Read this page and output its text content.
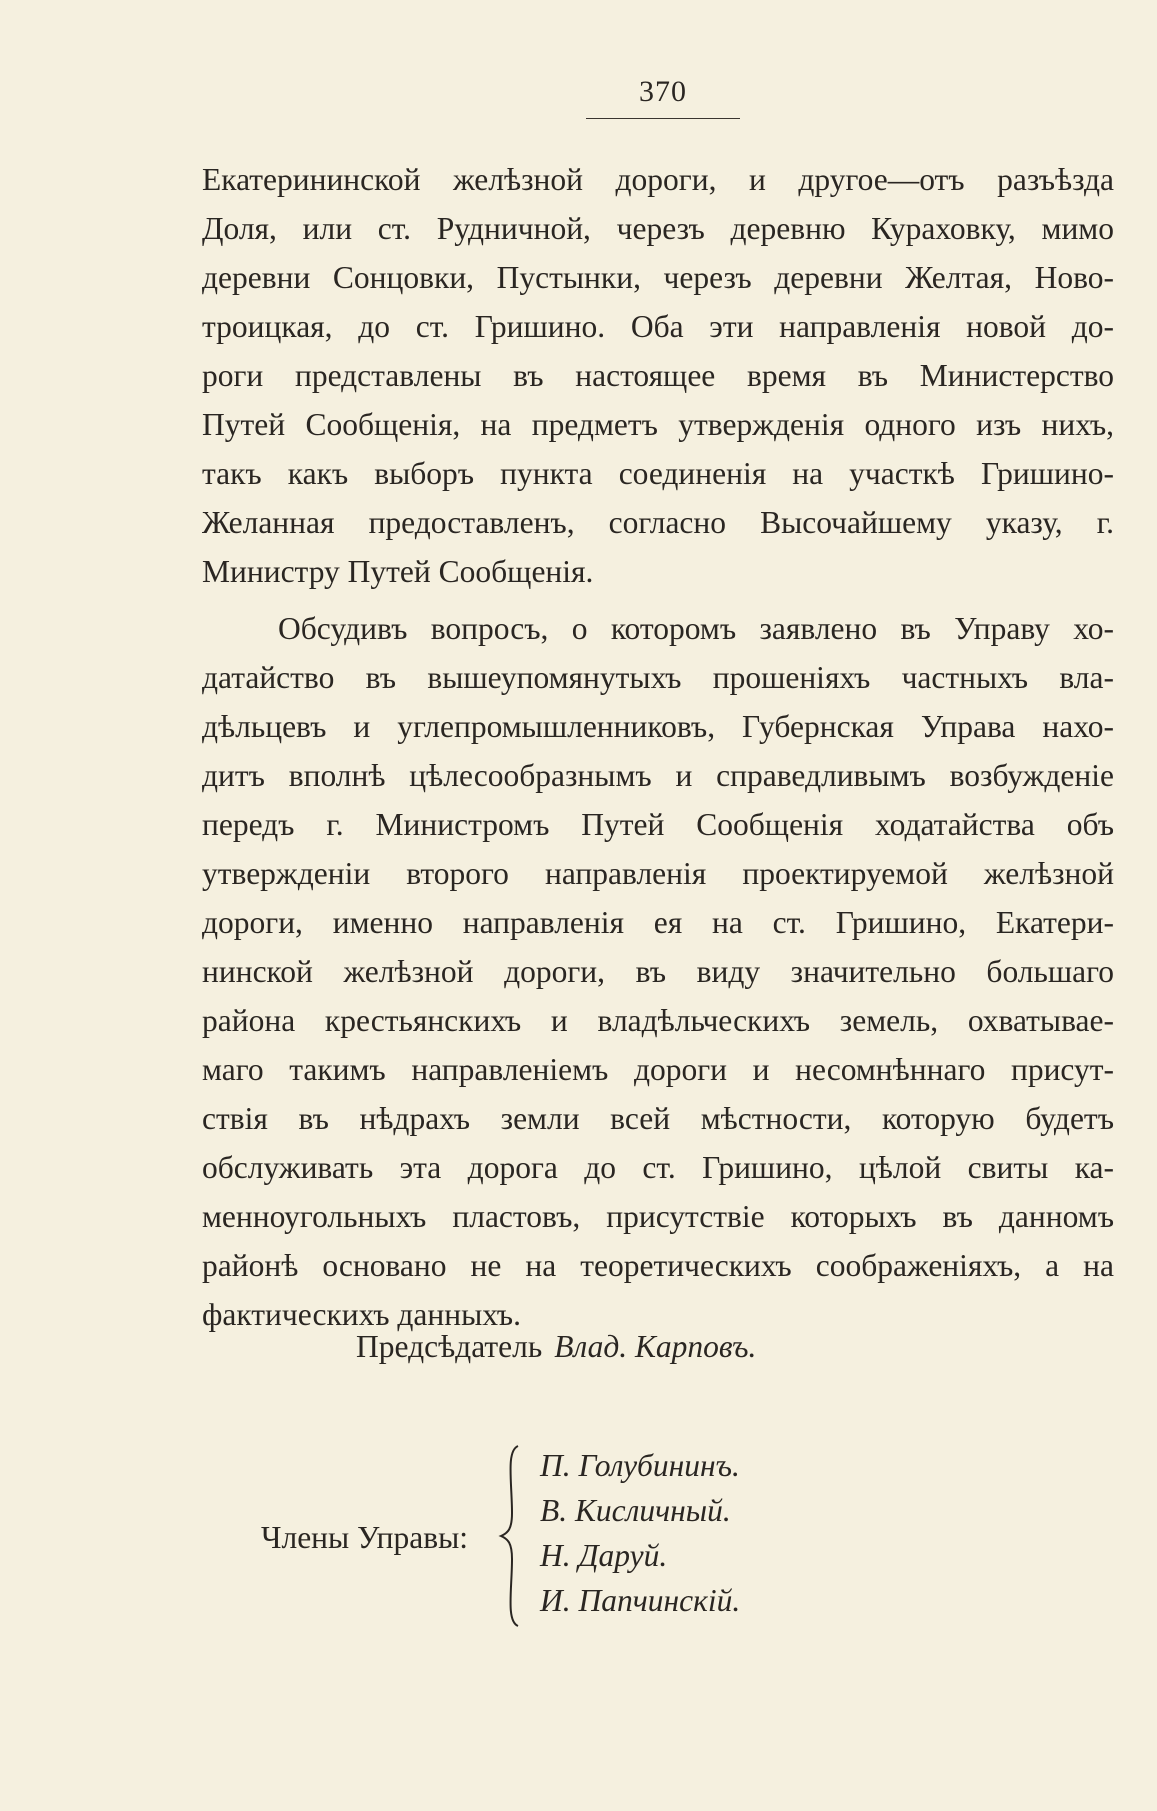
370
Екатерининской желѣзной дороги, и другое—отъ разъѣзда
Доля, или ст. Рудничной, черезъ деревню Кураховку, мимо
деревни Сонцовки, Пустынки, черезъ деревни Желтая, Ново-
троицкая, до ст. Гришино. Оба эти направленія новой до-
роги представлены въ настоящее время въ Министерство
Путей Сообщенія, на предметъ утвержденія одного изъ нихъ,
такъ какъ выборъ пункта соединенія на участкѣ Гришино-
Желанная предоставленъ, согласно Высочайшему указу, г.
Министру Путей Сообщенія.
Обсудивъ вопросъ, о которомъ заявлено въ Управу хо-
датайство въ вышеупомянутыхъ прошеніяхъ частныхъ вла-
дѣльцевъ и углепромышленниковъ, Губернская Управа нахо-
дитъ вполнѣ цѣлесообразнымъ и справедливымъ возбужденіе
передъ г. Министромъ Путей Сообщенія ходатайства объ
утвержденіи второго направленія проектируемой желѣзной
дороги, именно направленія ея на ст. Гришино, Екатери-
нинской желѣзной дороги, въ виду значительно большаго
района крестьянскихъ и владѣльческихъ земель, охватывае-
маго такимъ направленіемъ дороги и несомнѣннаго присут-
ствія въ нѣдрахъ земли всей мѣстности, которую будетъ
обслуживать эта дорога до ст. Гришино, цѣлой свиты ка-
менноугольныхъ пластовъ, присутствіе которыхъ въ данномъ
районѣ основано не на теоретическихъ соображеніяхъ, а на
фактическихъ данныхъ.
Предсѣдатель Влад. Карповъ.
Члены Управы:
П. Голубининъ.
В. Кисличный.
Н. Даруй.
И. Папчинскій.
